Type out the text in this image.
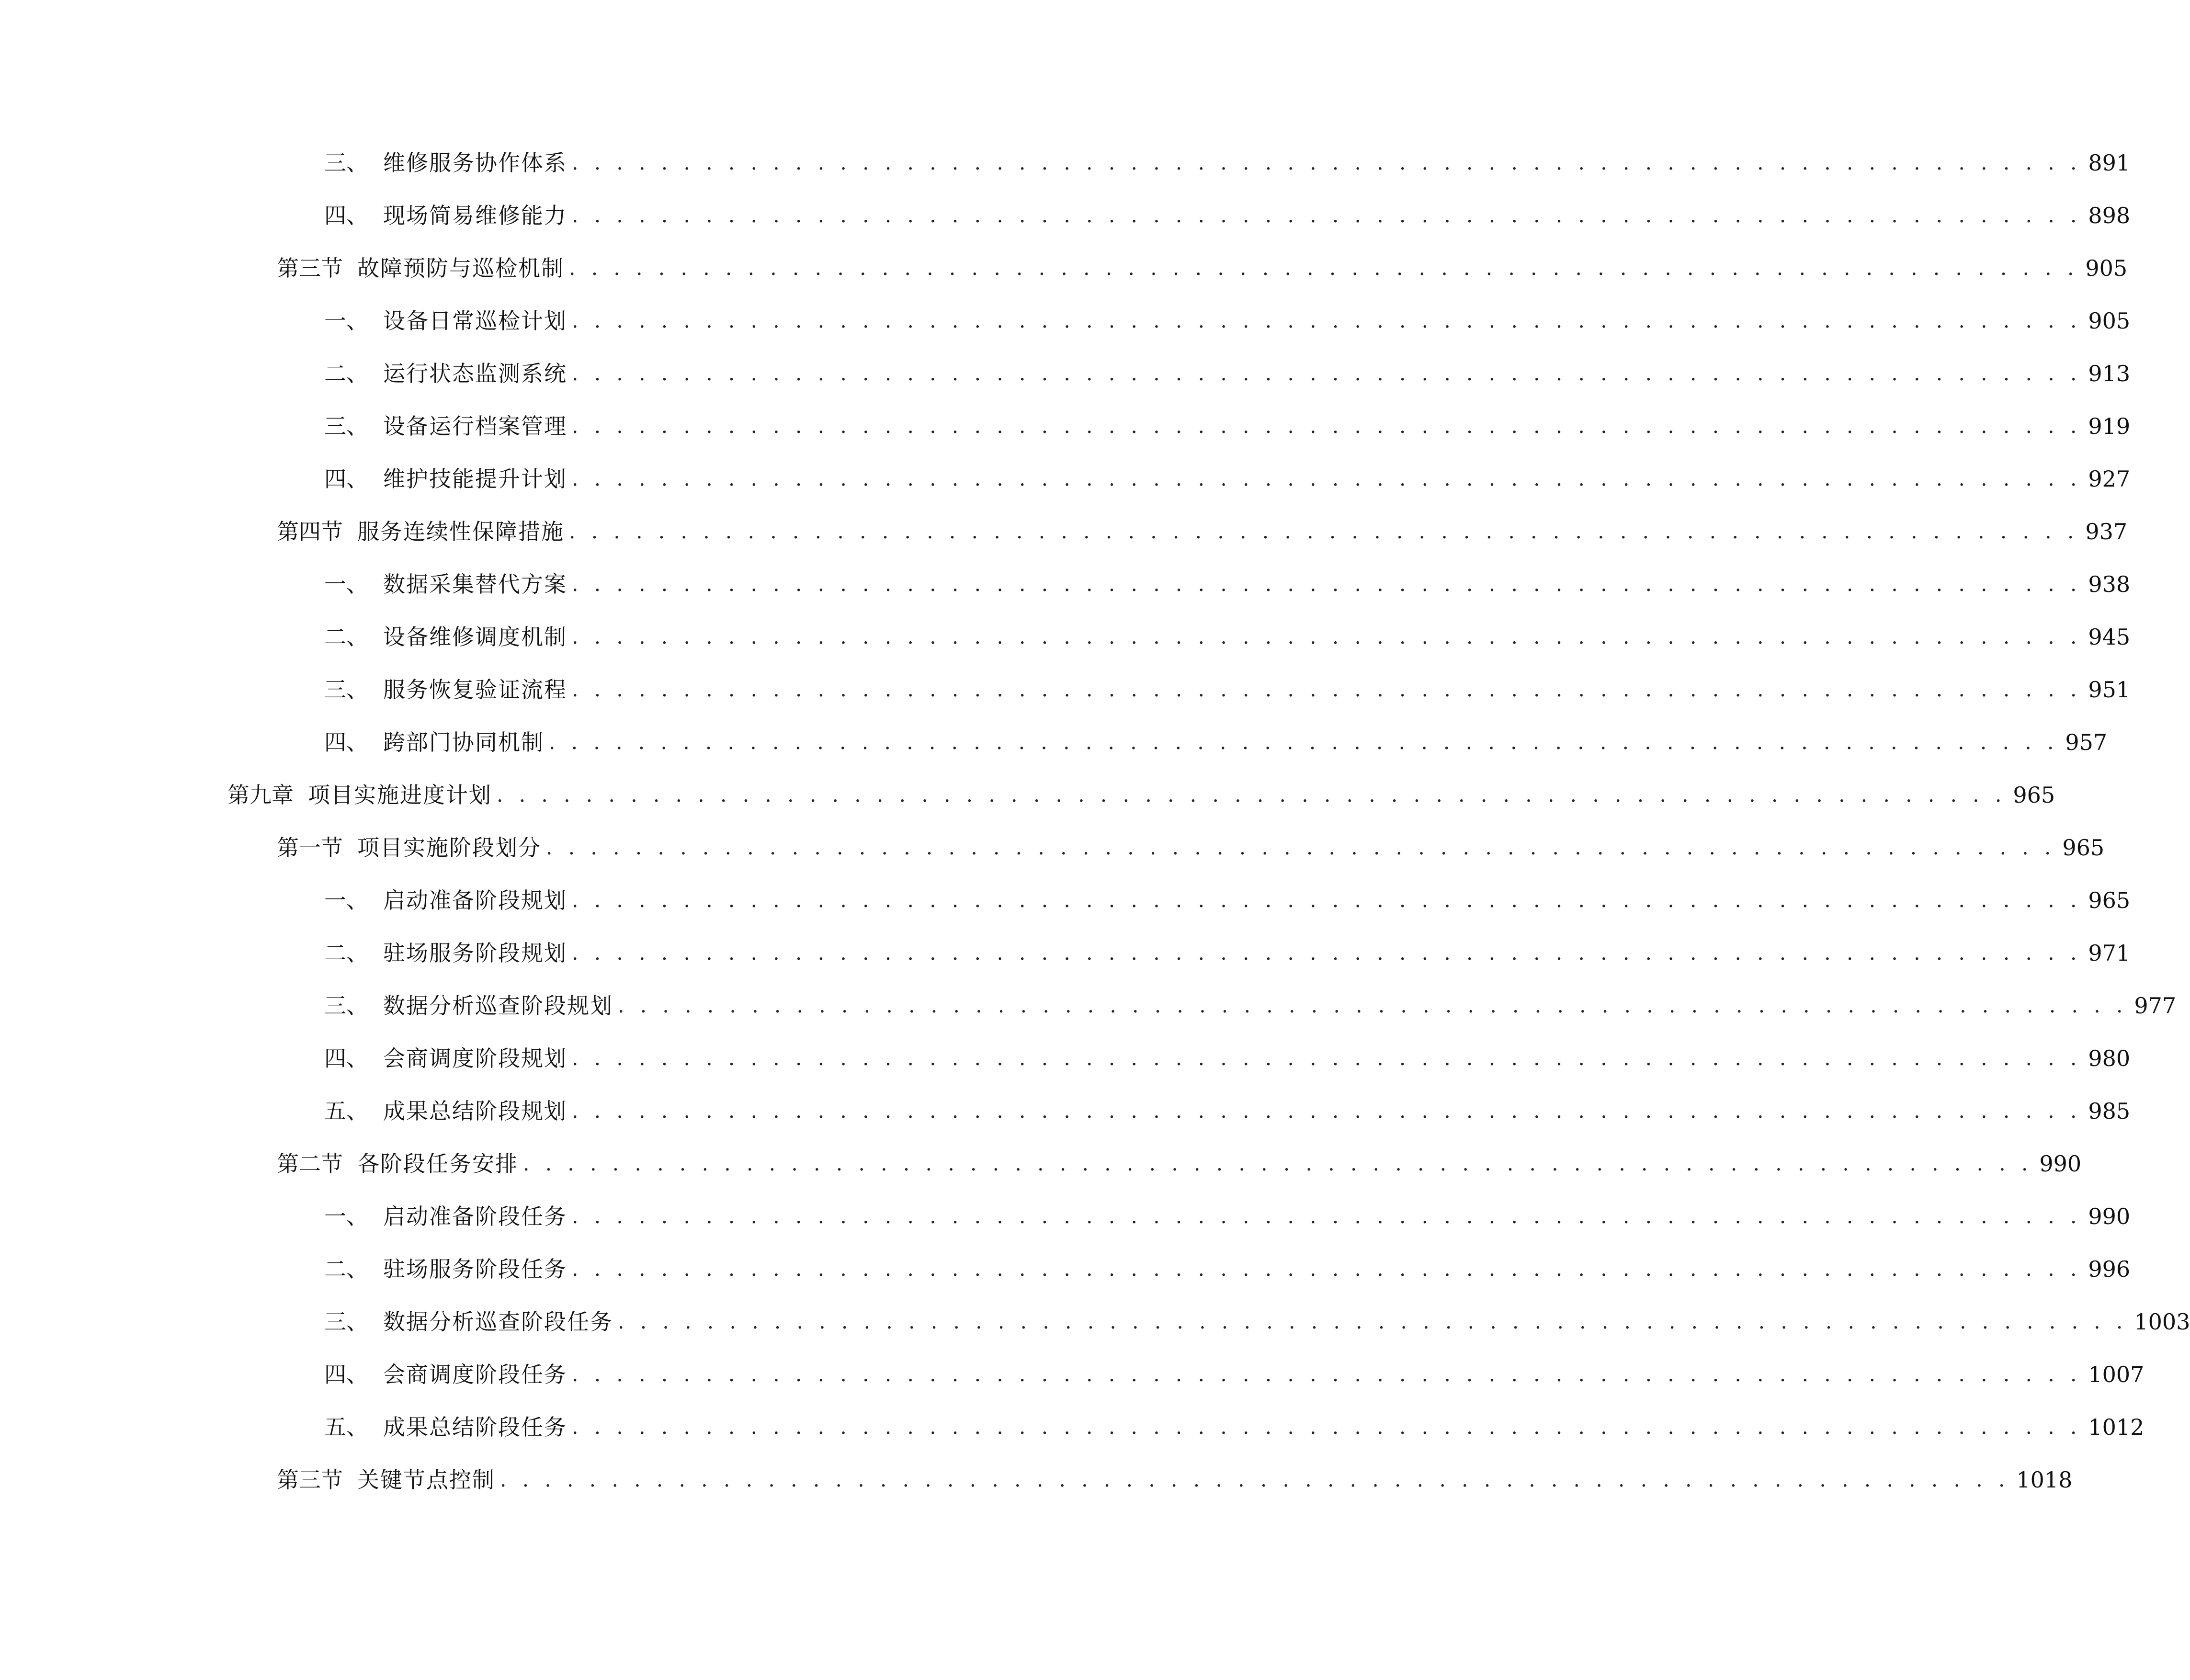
三、 维修服务协作体系 . . . . . . . . . . . . . . . . . . . . . . . . . . . . . . . . . . . . . . . . . . . . . . . . . . . . . . . . . . . . . . . . . . . . 891
四、 现场简易维修能力 . . . . . . . . . . . . . . . . . . . . . . . . . . . . . . . . . . . . . . . . . . . . . . . . . . . . . . . . . . . . . . . . . . . . 898
第三节 故障预防与巡检机制 . . . . . . . . . . . . . . . . . . . . . . . . . . . . . . . . . . . . . . . . . . . . . . . . . . . . . . . . . . . . . . . . . . . . 905
一、 设备日常巡检计划 . . . . . . . . . . . . . . . . . . . . . . . . . . . . . . . . . . . . . . . . . . . . . . . . . . . . . . . . . . . . . . . . . . . . 905
二、 运行状态监测系统 . . . . . . . . . . . . . . . . . . . . . . . . . . . . . . . . . . . . . . . . . . . . . . . . . . . . . . . . . . . . . . . . . . . . 913
三、 设备运行档案管理 . . . . . . . . . . . . . . . . . . . . . . . . . . . . . . . . . . . . . . . . . . . . . . . . . . . . . . . . . . . . . . . . . . . . 919
四、 维护技能提升计划 . . . . . . . . . . . . . . . . . . . . . . . . . . . . . . . . . . . . . . . . . . . . . . . . . . . . . . . . . . . . . . . . . . . . 927
第四节 服务连续性保障措施 . . . . . . . . . . . . . . . . . . . . . . . . . . . . . . . . . . . . . . . . . . . . . . . . . . . . . . . . . . . . . . . . . . . . 937
一、 数据采集替代方案 . . . . . . . . . . . . . . . . . . . . . . . . . . . . . . . . . . . . . . . . . . . . . . . . . . . . . . . . . . . . . . . . . . . . 938
二、 设备维修调度机制 . . . . . . . . . . . . . . . . . . . . . . . . . . . . . . . . . . . . . . . . . . . . . . . . . . . . . . . . . . . . . . . . . . . . 945
三、 服务恢复验证流程 . . . . . . . . . . . . . . . . . . . . . . . . . . . . . . . . . . . . . . . . . . . . . . . . . . . . . . . . . . . . . . . . . . . . 951
四、 跨部门协同机制 . . . . . . . . . . . . . . . . . . . . . . . . . . . . . . . . . . . . . . . . . . . . . . . . . . . . . . . . . . . . . . . . . . . . 957
第九章 项目实施进度计划 . . . . . . . . . . . . . . . . . . . . . . . . . . . . . . . . . . . . . . . . . . . . . . . . . . . . . . . . . . . . . . . . . . . . 965
第一节 项目实施阶段划分 . . . . . . . . . . . . . . . . . . . . . . . . . . . . . . . . . . . . . . . . . . . . . . . . . . . . . . . . . . . . . . . . . . . . 965
一、 启动准备阶段规划 . . . . . . . . . . . . . . . . . . . . . . . . . . . . . . . . . . . . . . . . . . . . . . . . . . . . . . . . . . . . . . . . . . . . 965
二、 驻场服务阶段规划 . . . . . . . . . . . . . . . . . . . . . . . . . . . . . . . . . . . . . . . . . . . . . . . . . . . . . . . . . . . . . . . . . . . . 971
三、 数据分析巡查阶段规划 . . . . . . . . . . . . . . . . . . . . . . . . . . . . . . . . . . . . . . . . . . . . . . . . . . . . . . . . . . . . . . . . . . . . 977
四、 会商调度阶段规划 . . . . . . . . . . . . . . . . . . . . . . . . . . . . . . . . . . . . . . . . . . . . . . . . . . . . . . . . . . . . . . . . . . . . 980
五、 成果总结阶段规划 . . . . . . . . . . . . . . . . . . . . . . . . . . . . . . . . . . . . . . . . . . . . . . . . . . . . . . . . . . . . . . . . . . . . 985
第二节 各阶段任务安排 . . . . . . . . . . . . . . . . . . . . . . . . . . . . . . . . . . . . . . . . . . . . . . . . . . . . . . . . . . . . . . . . . . . . 990
一、 启动准备阶段任务 . . . . . . . . . . . . . . . . . . . . . . . . . . . . . . . . . . . . . . . . . . . . . . . . . . . . . . . . . . . . . . . . . . . . 990
二、 驻场服务阶段任务 . . . . . . . . . . . . . . . . . . . . . . . . . . . . . . . . . . . . . . . . . . . . . . . . . . . . . . . . . . . . . . . . . . . . 996
三、 数据分析巡查阶段任务 . . . . . . . . . . . . . . . . . . . . . . . . . . . . . . . . . . . . . . . . . . . . . . . . . . . . . . . . . . . . . . . . . . . . 1003
四、 会商调度阶段任务 . . . . . . . . . . . . . . . . . . . . . . . . . . . . . . . . . . . . . . . . . . . . . . . . . . . . . . . . . . . . . . . . . . . . 1007
五、 成果总结阶段任务 . . . . . . . . . . . . . . . . . . . . . . . . . . . . . . . . . . . . . . . . . . . . . . . . . . . . . . . . . . . . . . . . . . . . 1012
第三节 关键节点控制 . . . . . . . . . . . . . . . . . . . . . . . . . . . . . . . . . . . . . . . . . . . . . . . . . . . . . . . . . . . . . . . . . . . . 1018
